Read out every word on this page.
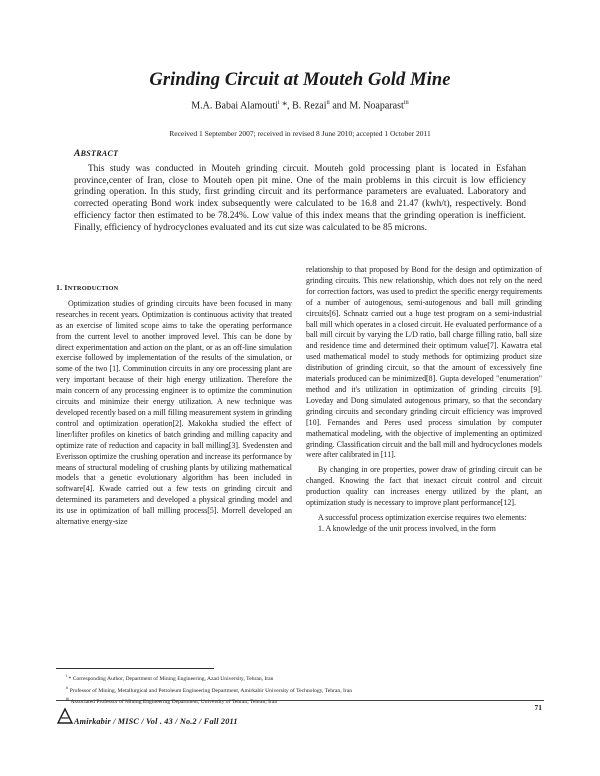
Grinding Circuit at Mouteh Gold Mine
M.A. Babai Alamouti$^i$ *, B. Rezai$^{ii}$ and M. Noaparast$^{iii}$
Received 1 September 2007; received in revised 8 June 2010; accepted 1 October 2011
ABSTRACT
This study was conducted in Mouteh grinding circuit. Mouteh gold processing plant is located in Esfahan province,center of Iran, close to Mouteh open pit mine. One of the main problems in this circuit is low efficiency grinding operation. In this study, first grinding circuit and its performance parameters are evaluated. Laboratory and corrected operating Bond work index subsequently were calculated to be 16.8 and 21.47 (kwh/t), respectively. Bond efficiency factor then estimated to be 78.24%. Low value of this index means that the grinding operation is inefficient. Finally, efficiency of hydrocyclones evaluated and its cut size was calculated to be 85 microns.
1. INTRODUCTION

Optimization studies of grinding circuits have been focused in many researches in recent years. Optimization is continuous activity that treated as an exercise of limited scope aims to take the operating performance from the current level to another improved level. This can be done by direct experimentation and action on the plant, or as an off-line simulation exercise followed by implementation of the results of the simulation, or some of the two [1]. Comminution circuits in any ore processing plant are very important because of their high energy utilization. Therefore the main concern of any processing engineer is to optimize the comminution circuits and minimize their energy utilization. A new technique was developed recently based on a mill filling measurement system in grinding control and optimization operation[2]. Makokha studied the effect of liner/lifter profiles on kinetics of batch grinding and milling capacity and optimize rate of reduction and capacity in ball milling[3]. Svedensten and Everisson optimize the crushing operation and increase its performance by means of structural modeling of crushing plants by utilizing mathematical models that a genetic evolutionary algorithm has been included in software[4]. Kwade carried out a few tests on grinding circuit and determined its parameters and developed a physical grinding model and its use in optimization of ball milling process[5]. Morrell developed an alternative energy-size

relationship to that proposed by Bond for the design and optimization of grinding circuits. This new relationship, which does not rely on the need for correction factors, was used to predict the specific energy requirements of a number of autogenous, semi-autogenous and ball mill grinding circuits[6]. Schnatz carried out a huge test program on a semi-industrial ball mill which operates in a closed circuit. He evaluated performance of a ball mill circuit by varying the L/D ratio, ball charge filling ratio, ball size and residence time and determined their optimum value[7]. Kawatra etal used mathematical model to study methods for optimizing product size distribution of grinding circuit, so that the amount of excessively fine materials produced can be minimized[8]. Gupta developed "enumeration" method and it's utilization in optimization of grinding circuits [9]. Loveday and Dong simulated autogenous primary, so that the secondary grinding circuits and secondary grinding circuit efficiency was improved [10]. Fernandes and Peres used process simulation by computer mathematical modeling, with the objective of implementing an optimized grinding. Classification circuit and the ball mill and hydrocyclones models were after calibrated in [11].

By changing in ore properties, power draw of grinding circuit can be changed. Knowing the fact that inexact circuit control and circuit production quality can increases energy utilized by the plant, an optimization study is necessary to improve plant performance[12].

A successful process optimization exercise requires two elements:

1. A knowledge of the unit process involved, in the form

$^i$ * Corresponding Author, Department of Mining Engineering, Azad University, Tehran, Iran
$^{ii}$ Professor of Mining, Metallurgical and Petroleum Engineering Department, Amirkabir University of Technology, Tehran, Iran
$^{iii}$ Associated Professor of Mining Engineering Department, University of Tehran, Tehran, Iran
Amirkabir / MISC / Vol . 43 / No.2 / Fall 2011
71
